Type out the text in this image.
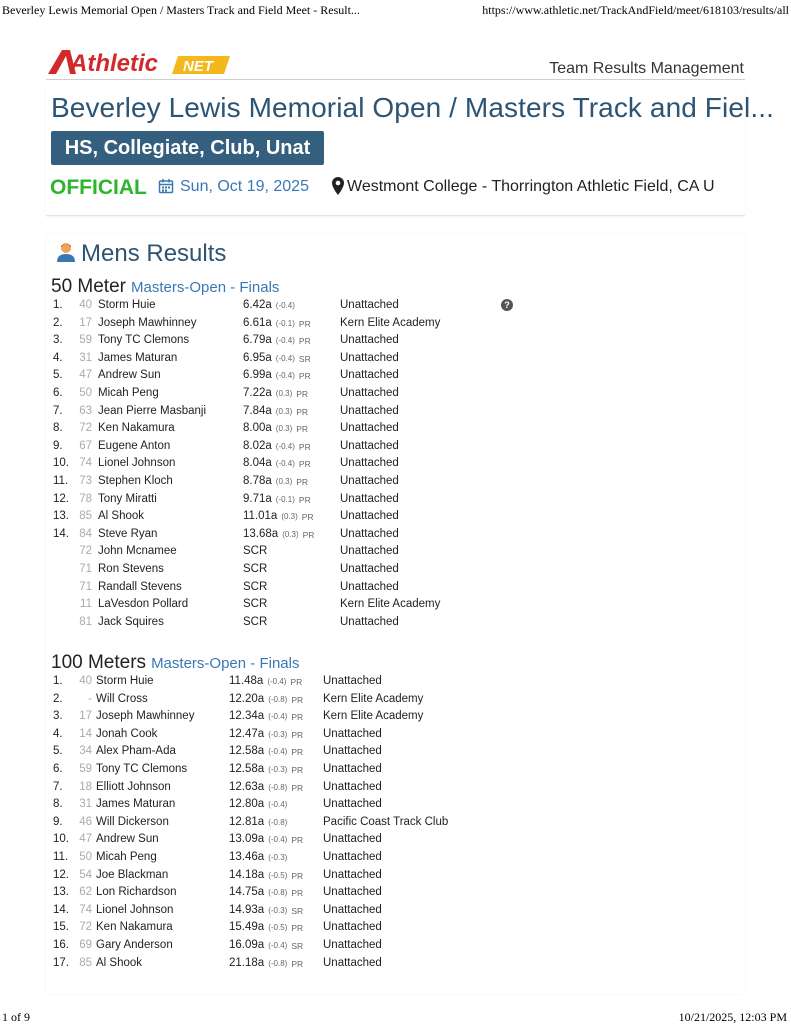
Beverley Lewis Memorial Open / Masters Track and Field Meet - Result...	https://www.athletic.net/TrackAndField/meet/618103/results/all
Athletic NET	Team Results Management
Beverley Lewis Memorial Open / Masters Track and Fiel...
HS, Collegiate, Club, Unat
OFFICIAL Sun, Oct 19, 2025 Westmont College - Thorrington Athletic Field, CA U
Mens Results
50 Meter Masters-Open - Finals
1.	40 Storm Huie	6.42a (-0.4)	Unattached	?
2.	17 Joseph Mawhinney	6.61a (-0.1) PR	Kern Elite Academy
3.	59 Tony TC Clemons	6.79a (-0.4) PR	Unattached
4.	31 James Maturan	6.95a (-0.4) SR	Unattached
5.	47 Andrew Sun	6.99a (-0.4) PR	Unattached
6.	50 Micah Peng	7.22a (0.3) PR	Unattached
7.	63 Jean Pierre Masbanji	7.84a (0.3) PR	Unattached
8.	72 Ken Nakamura	8.00a (0.3) PR	Unattached
9.	67 Eugene Anton	8.02a (-0.4) PR	Unattached
10. 74 Lionel Johnson	8.04a (-0.4) PR	Unattached
11. 73 Stephen Kloch	8.78a (0.3) PR	Unattached
12. 78 Tony Miratti	9.71a (-0.1) PR	Unattached
13. 85 Al Shook	11.01a (0.3) PR Unattached
14. 84 Steve Ryan	13.68a (0.3) PR Unattached
72 John Mcnamee	SCR	Unattached
71 Ron Stevens	SCR	Unattached
71 Randall Stevens	SCR	Unattached
11 LaVesdon Pollard	SCR	Kern Elite Academy
81 Jack Squires	SCR	Unattached
100 Meters Masters-Open - Finals
1.	40 Storm Huie	11.48a (-0.4) PR Unattached
2.	- Will Cross	12.20a (-0.8) PR Kern Elite Academy
3.	17 Joseph Mawhinney	12.34a (-0.4) PR Kern Elite Academy
4.	14 Jonah Cook	12.47a (-0.3) PR Unattached
5.	34 Alex Pham-Ada	12.58a (-0.4) PR Unattached
6.	59 Tony TC Clemons	12.58a (-0.3) PR Unattached
7.	18 Elliott Johnson	12.63a (-0.8) PR Unattached
8.	31 James Maturan	12.80a (-0.4)	Unattached
9.	46 Will Dickerson	12.81a (-0.8)	Pacific Coast Track Club
10. 47 Andrew Sun	13.09a (-0.4) PR Unattached
11. 50 Micah Peng	13.46a (-0.3)	Unattached
12. 54 Joe Blackman	14.18a (-0.5) PR Unattached
13. 62 Lon Richardson	14.75a (-0.8) PR Unattached
14. 74 Lionel Johnson	14.93a (-0.3) SR Unattached
15. 72 Ken Nakamura	15.49a (-0.5) PR Unattached
16. 69 Gary Anderson	16.09a (-0.4) SR Unattached
17. 85 Al Shook	21.18a (-0.8) PR Unattached
1 of 9	10/21/2025, 12:03 PM
